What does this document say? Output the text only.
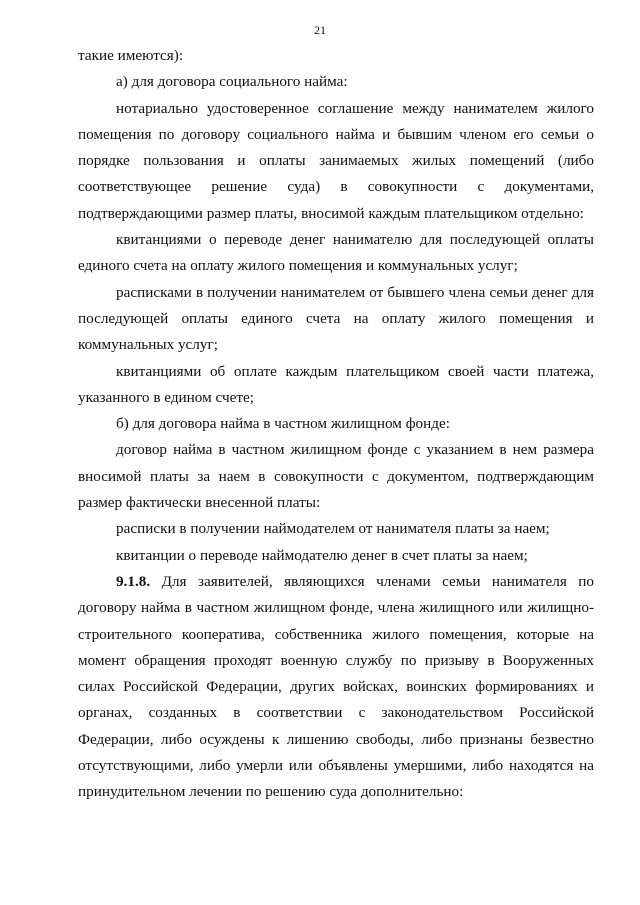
21

такие имеются):

а) для договора социального найма:

нотариально удостоверенное соглашение между нанимателем жилого помещения по договору социального найма и бывшим членом его семьи о порядке пользования и оплаты занимаемых жилых помещений (либо соответствующее решение суда) в совокупности с документами, подтверждающими размер платы, вносимой каждым плательщиком отдельно:

квитанциями о переводе денег нанимателю для последующей оплаты единого счета на оплату жилого помещения и коммунальных услуг;

расписками в получении нанимателем от бывшего члена семьи денег для последующей оплаты единого счета на оплату жилого помещения и коммунальных услуг;

квитанциями об оплате каждым плательщиком своей части платежа, указанного в едином счете;

б) для договора найма в частном жилищном фонде:

договор найма в частном жилищном фонде с указанием в нем размера вносимой платы за наем в совокупности с документом, подтверждающим размер фактически внесенной платы:

расписки в получении наймодателем от нанимателя платы за наем;

квитанции о переводе наймодателю денег в счет платы за наем;

9.1.8. Для заявителей, являющихся членами семьи нанимателя по договору найма в частном жилищном фонде, члена жилищного или жилищно-строительного кооператива, собственника жилого помещения, которые на момент обращения проходят военную службу по призыву в Вооруженных силах Российской Федерации, других войсках, воинских формированиях и органах, созданных в соответствии с законодательством Российской Федерации, либо осуждены к лишению свободы, либо признаны безвестно отсутствующими, либо умерли или объявлены умершими, либо находятся на принудительном лечении по решению суда дополнительно:
